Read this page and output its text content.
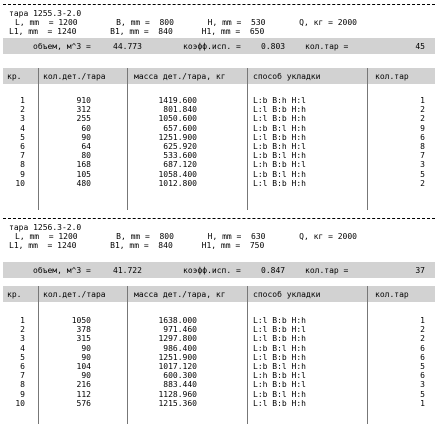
тара 1255.3-2.0
L, mm  = 1200        B, mm =  800       H, mm =  530       Q, кг = 2000
L1, mm  = 1240       B1, mm =  840      H1, mm =  650
объем, м^3 =	44.773	коэфф.исп. =	0.803 кол.тар =	45
кр.	кол.дет./тара	масса дет./тара, кг	способ укладки	кол.тар
1	910	1419.600	L:b B:h H:l	1
2	312	801.840	L:l B:b H:h	2
3	255	1050.600	L:l B:b H:h	2
4	60	657.600	L:b B:l H:h	9
5	90	1251.900	L:l B:b H:h	6
6	64	625.920	L:b B:h H:l	8
7	80	533.600	L:b B:l H:h	7
8	168	687.120	L:h B:b H:l	3
9	105	1058.400	L:b B:l H:h	5
10	480	1012.800	L:l B:b H:h	2
тара 1256.3-2.0
L, mm  = 1200        B, mm =  800       H, mm =  630       Q, кг = 2000
L1, mm  = 1240       B1, mm =  840      H1, mm =  750
объем, м^3 =	41.722	коэфф.исп. =	0.847 кол.тар =	37
кр.	кол.дет./тара	масса дет./тара, кг	способ укладки	кол.тар
1	1050	1638.000	L:l B:b H:h	1
2	378	971.460	L:l B:b H:l	2
3	315	1297.800	L:l B:b H:h	2
4	90	986.400	L:b B:l H:h	6
5	90	1251.900	L:l B:b H:h	6
6	104	1017.120	L:b B:l H:h	5
7	90	600.300	L:h B:b H:l	6
8	216	883.440	L:h B:b H:l	3
9	112	1128.960	L:b B:l H:h	5
10	576	1215.360	L:l B:b H:h	1
